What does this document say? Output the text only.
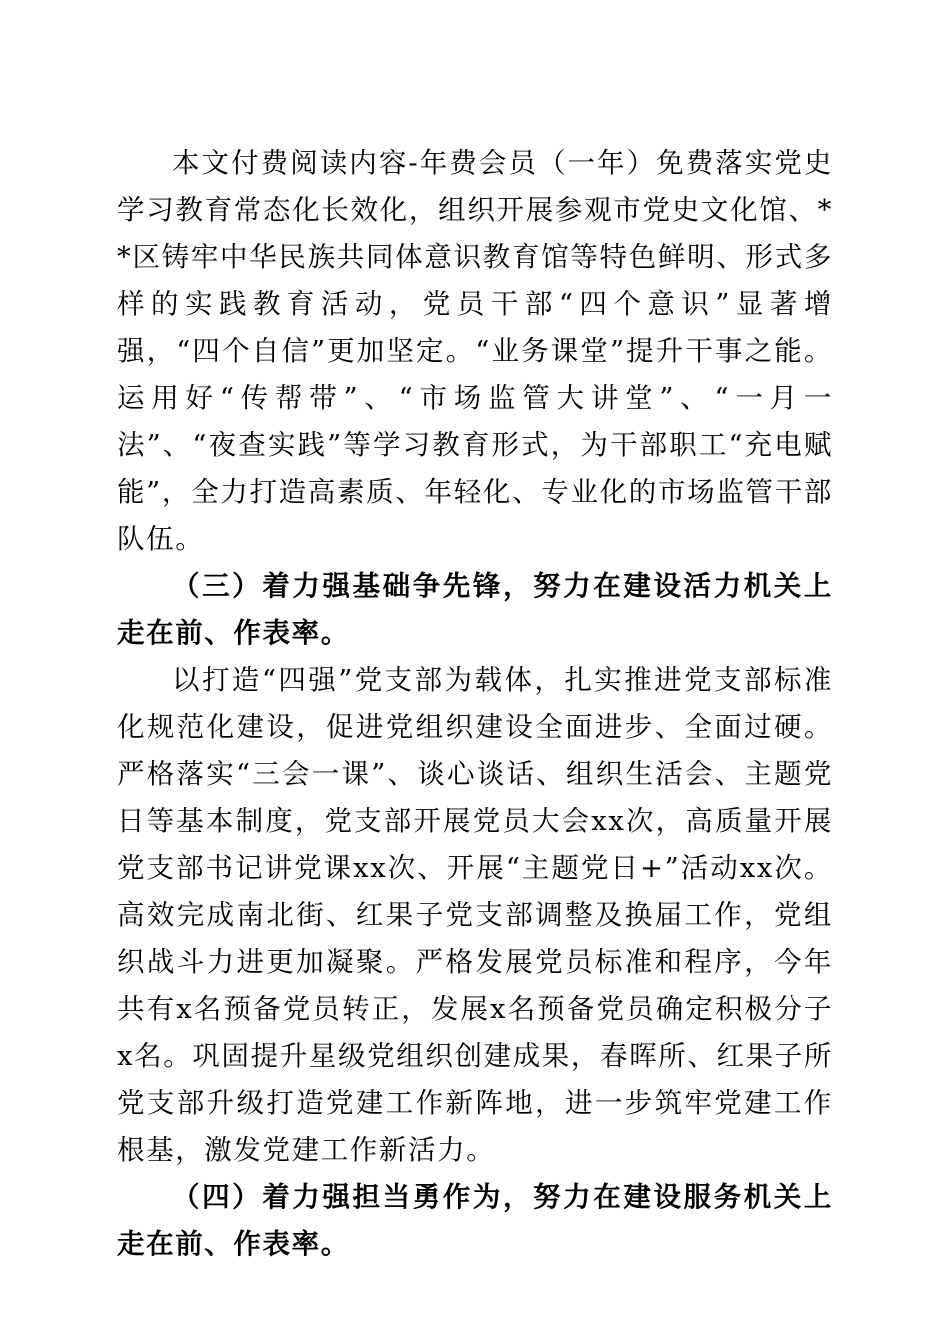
本文付费阅读内容-年费会员（一年）免费落实党史学习教育常态化长效化，组织开展参观市党史文化馆、**区铸牢中华民族共同体意识教育馆等特色鲜明、形式多样的实践教育活动，党员干部“四个意识”显著增强，“四个自信”更加坚定。“业务课堂”提升干事之能。运用好“传帮带”、“市场监管大讲堂”、“一月一法”、“夜查实践”等学习教育形式，为干部职工“充电赋能”，全力打造高素质、年轻化、专业化的市场监管干部队伍。

（三）着力强基础争先锋，努力在建设活力机关上走在前、作表率。

以打造“四强”党支部为载体，扎实推进党支部标准化规范化建设，促进党组织建设全面进步、全面过硬。严格落实“三会一课”、谈心谈话、组织生活会、主题党日等基本制度，党支部开展党员大会xx次，高质量开展党支部书记讲党课xx次、开展“主题党日+”活动xx次。高效完成南北街、红果子党支部调整及换届工作，党组织战斗力进更加凝聚。严格发展党员标准和程序，今年共有x名预备党员转正，发展x名预备党员确定积极分子x名。巩固提升星级党组织创建成果，春晖所、红果子所党支部升级打造党建工作新阵地，进一步筑牢党建工作根基，激发党建工作新活力。

（四）着力强担当勇作为，努力在建设服务机关上走在前、作表率。
